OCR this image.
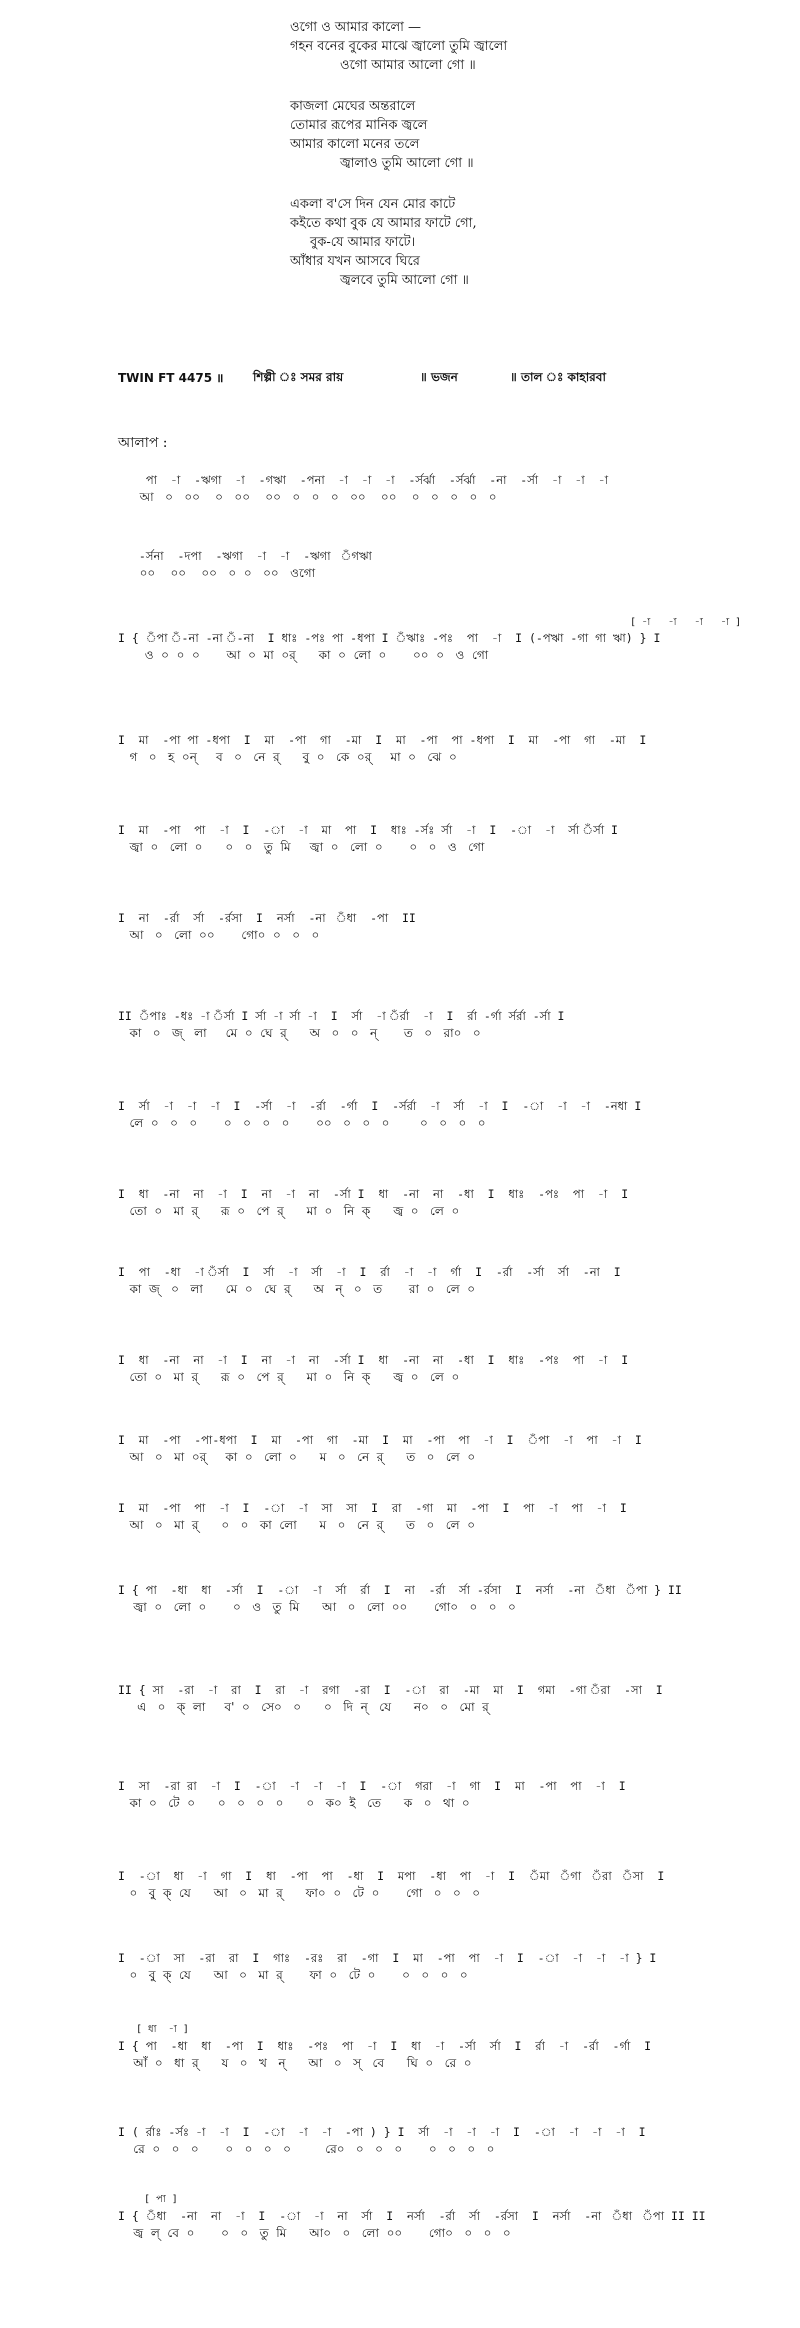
ওগো ও আমার কালো —
গহন বনের বুকের মাঝে জ্বালো তুমি জ্বালো
ওগো আমার আলো গো ॥
কাজলা মেঘের অন্তরালে
তোমার রূপের মানিক জ্বলে
আমার কালো মনের তলে
জ্বালাও তুমি আলো গো ॥
একলা ব'সে দিন যেন মোর কাটে
কইতে কথা বুক যে আমার ফাটে গো,
বুক-যে আমার ফাটে।
আঁধার যখন আসবে ঘিরে
জ্বলবে তুমি আলো গো ॥
TWIN FT 4475 ॥ শিল্পী ঃ সমর রায়	॥ ভজন	॥ তাল ঃ কাহারবা
আলাপ :
পা  -া  -ঋগা  -া  -গঋা  -পনা  -া  -া  -া  -র্সর্ঝা  -র্সর্ঝা  -না  -র্সা  -া  -া  -া
আ   ০   ০০    ০   ০০    ০০   ০   ০   ০   ০০    ০০    ০   ০   ০   ০   ০
-র্সনা  -দপা  -ঋগা  -া  -া  -ঋগা  ঁগঋা
০০    ০০    ০০   ০  ০   ০০   ওগো
[ -া   -া   -া   -া ]
I { ঁপা ঁ-না -না ঁ-না  I ধাঃ -পঃ পা -ধপা I ঁঋাঃ -পঃ  পা  -া  I (-পঋা -গা গা ঋা) } I
ও  ০  ০  ০       আ  ০  মা  ০র্      কা  ০  লো  ০       ০০  ০   ও  গো
I  মা  -পা পা -ধপা  I  মা  -পা  গা  -মা  I  মা  -পা  পা -ধপা  I  মা  -পা  গা  -মা  I
গ   ০   হ  ০ন্     ব   ০   নে  র্      বু  ০   কে  ০র্     মা  ০   ঝে  ০
I  মা  -পা  পা  -া  I  -া  -া  মা  পা  I  ধাঃ -র্সঃ র্সা  -া  I  -া  -া  র্সা ঁর্সা I
জ্বা  ০   লো  ০      ০   ০   তু  মি     জ্বা  ০   লো  ০       ০   ০   ও   গো
I  না  -র্রা  র্সা  -র্রসা  I  নর্সা  -না  ঁধা  -পা  II
আ   ০   লো  ০০       গো০  ০   ০   ০
II ঁপাঃ -ধঃ -া ঁর্সা I র্সা -া র্সা -া  I  র্সা  -া ঁর্রা  -া  I  র্রা -র্গা র্সর্রা -র্সা I
কা   ০   জ্   লা     মে  ০  ঘে  র্      অ   ০   ০   ন্       ত   ০   রা০   ০
I  র্সা  -া  -া  -া  I  -র্সা  -া  -র্রা  -র্গা  I  -র্সর্রা  -া  র্সা  -া  I  -া  -া  -া  -নধা I
লে  ০   ০   ০       ০   ০   ০   ০       ০০   ০   ০   ০        ০   ০   ০   ০
I  ধা  -না  না  -া  I  না  -া  না  -র্সা I  ধা  -না  না  -ধা  I  ধাঃ  -পঃ  পা  -া  I
তো  ০   মা  র্      রূ  ০   পে  র্      মা  ০   নি  ক্      জ্ব  ০   লে  ০
I  পা  -ধা  -া ঁর্সা  I  র্সা  -া  র্সা  -া  I  র্রা  -া  -া  র্গা  I  -র্রা  -র্সা  র্সা  -না  I
কা  জ্   ০   লা      মে  ০   ঘে  র্      অ   ন্   ০   ত       রা  ০   লে  ০
I  ধা  -না  না  -া  I  না  -া  না  -র্সা I  ধা  -না  না  -ধা  I  ধাঃ  -পঃ  পা  -া  I
তো  ০   মা  র্      রূ  ০   পে  র্      মা  ০   নি  ক্      জ্ব  ০   লে  ০
I  মা  -পা  -পা-ধপা  I  মা  -পা  গা  -মা  I  মা  -পা  পা  -া  I  ঁপা  -া  পা  -া  I
আ   ০   মা  ০র্     কা  ০   লো  ০      ম   ০   নে  র্      ত   ০   লে  ০
I  মা  -পা  পা  -া  I  -া  -া  সা  সা  I  রা  -গা  মা  -পা  I  পা  -া  পা  -া  I
আ   ০   মা  র্      ০   ০   কা  লো      ম   ০   নে  র্      ত   ০   লে  ০
I { পা  -ধা  ধা  -র্সা  I  -া  -া  র্সা  র্রা  I  না  -র্রা  র্সা -র্রসা  I  নর্সা  -না  ঁধা  ঁপা } II
জ্বা  ০   লো  ০       ০   ও   তু  মি      আ   ০   লো  ০০       গো০   ০   ০   ০
II { সা  -রা  -া  রা  I  রা  -া  রগা  -রা  I  -া  রা  -মা  মা  I  গমা  -গা ঁরা  -সা  I
এ   ০   ক্  লা     ব'  ০   সে০   ০      ০   দি  ন্   যে      ন০   ০   মো  র্
I  সা  -রা রা  -া  I  -া  -া  -া  -া  I  -া  গরা  -া  গা  I  মা  -পা  পা  -া  I
কা  ০   টে  ০      ০   ০   ০   ০      ০   ক০  ই   তে      ক   ০   থা  ০
I  -া  ধা  -া  গা  I  ধা  -পা  পা  -ধা  I  মপা  -ধা  পা  -া  I  ঁমা  ঁগা  ঁরা  ঁসা  I
০   বু  ক্  যে      আ   ০   মা  র্      ফা০  ০   টে  ০       গো   ০   ০   ০
I  -া  সা  -রা  রা  I  গাঃ  -রঃ  রা  -গা  I  মা  -পা  পা  -া  I  -া  -া  -া  -া } I
০   বু  ক্  যে      আ   ০   মা  র্       ফা  ০   টে  ০       ০   ০   ০   ০
[ ধা  -া ]
I { পা  -ধা  ধা  -পা  I  ধাঃ  -পঃ  পা  -া  I  ধা  -া  -র্সা  র্সা  I  র্রা  -া  -র্রা  -র্গা  I
আঁ  ০   ধা  র্      য   ০   খ   ন্      আ   ০   স্   বে      ঘি  ০   রে  ০
I ( র্রাঃ -র্সঃ -া  -া  I  -া  -া  -া  -পা ) } I  র্সা  -া  -া  -া  I  -া  -া  -া  -া  I
রে  ০   ০   ০       ০   ০   ০   ০         রে০   ০   ০   ০       ০   ০   ০   ০
[ পা ]
I { ঁধা  -না  না  -া  I  -া  -া  না  র্সা  I  নর্সা  -র্রা  র্সা  -র্রসা  I  নর্সা  -না  ঁধা  ঁপা II II
জ্ব  ল্  বে  ০       ০   ০   তু  মি      আ০   ০   লো  ০০       গো০   ০   ০   ০
